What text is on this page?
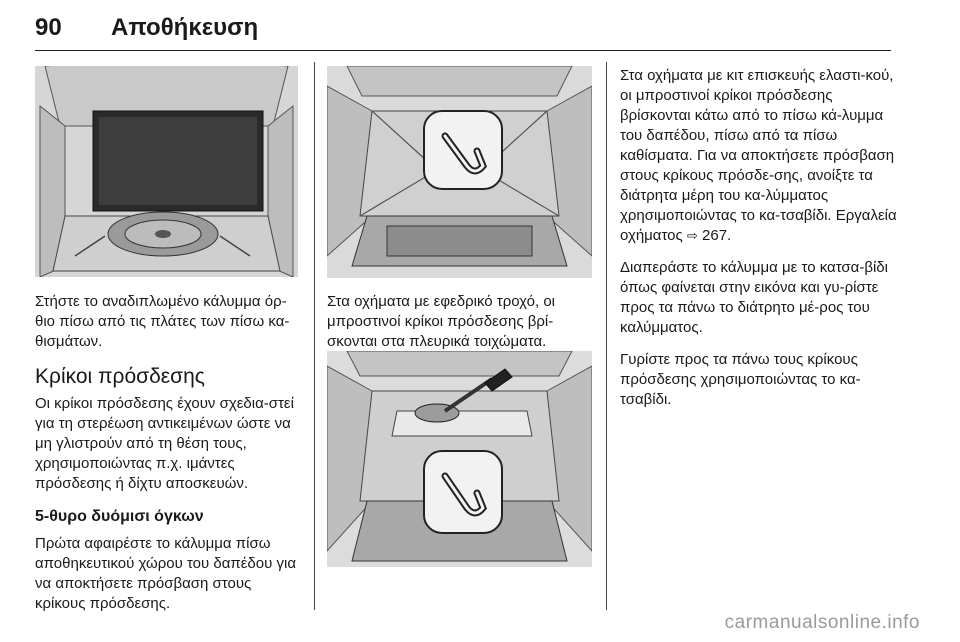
90 Αποθήκευση

Στήστε το αναδιπλωμένο κάλυμμα όρ-θιο πίσω από τις πλάτες των πίσω κα-θισμάτων.

Κρίκοι πρόσδεσης

Οι κρίκοι πρόσδεσης έχουν σχεδια-στεί για τη στερέωση αντικειμένων ώστε να μη γλιστρούν από τη θέση τους, χρησιμοποιώντας π.χ. ιμάντες πρόσδεσης ή δίχτυ αποσκευών.

5-θυρο δυόμισι όγκων

Πρώτα αφαιρέστε το κάλυμμα πίσω αποθηκευτικού χώρου του δαπέδου για να αποκτήσετε πρόσβαση στους κρίκους πρόσδεσης.

Στα οχήματα με εφεδρικό τροχό, οι μπροστινοί κρίκοι πρόσδεσης βρί-σκονται στα πλευρικά τοιχώματα.

Στα οχήματα με κιτ επισκευής ελαστι-κού, οι μπροστινοί κρίκοι πρόσδεσης βρίσκονται κάτω από το πίσω κά-λυμμα του δαπέδου, πίσω από τα πίσω καθίσματα. Για να αποκτήσετε πρόσβαση στους κρίκους πρόσδε-σης, ανοίξτε τα διάτρητα μέρη του κα-λύμματος χρησιμοποιώντας το κα-τσαβίδι. Εργαλεία οχήματος ⇨ 267.

Διαπεράστε το κάλυμμα με το κατσα-βίδι όπως φαίνεται στην εικόνα και γυ-ρίστε προς τα πάνω το διάτρητο μέ-ρος του καλύμματος.

Γυρίστε προς τα πάνω τους κρίκους πρόσδεσης χρησιμοποιώντας το κα-τσαβίδι.

carmanualsonline.info
